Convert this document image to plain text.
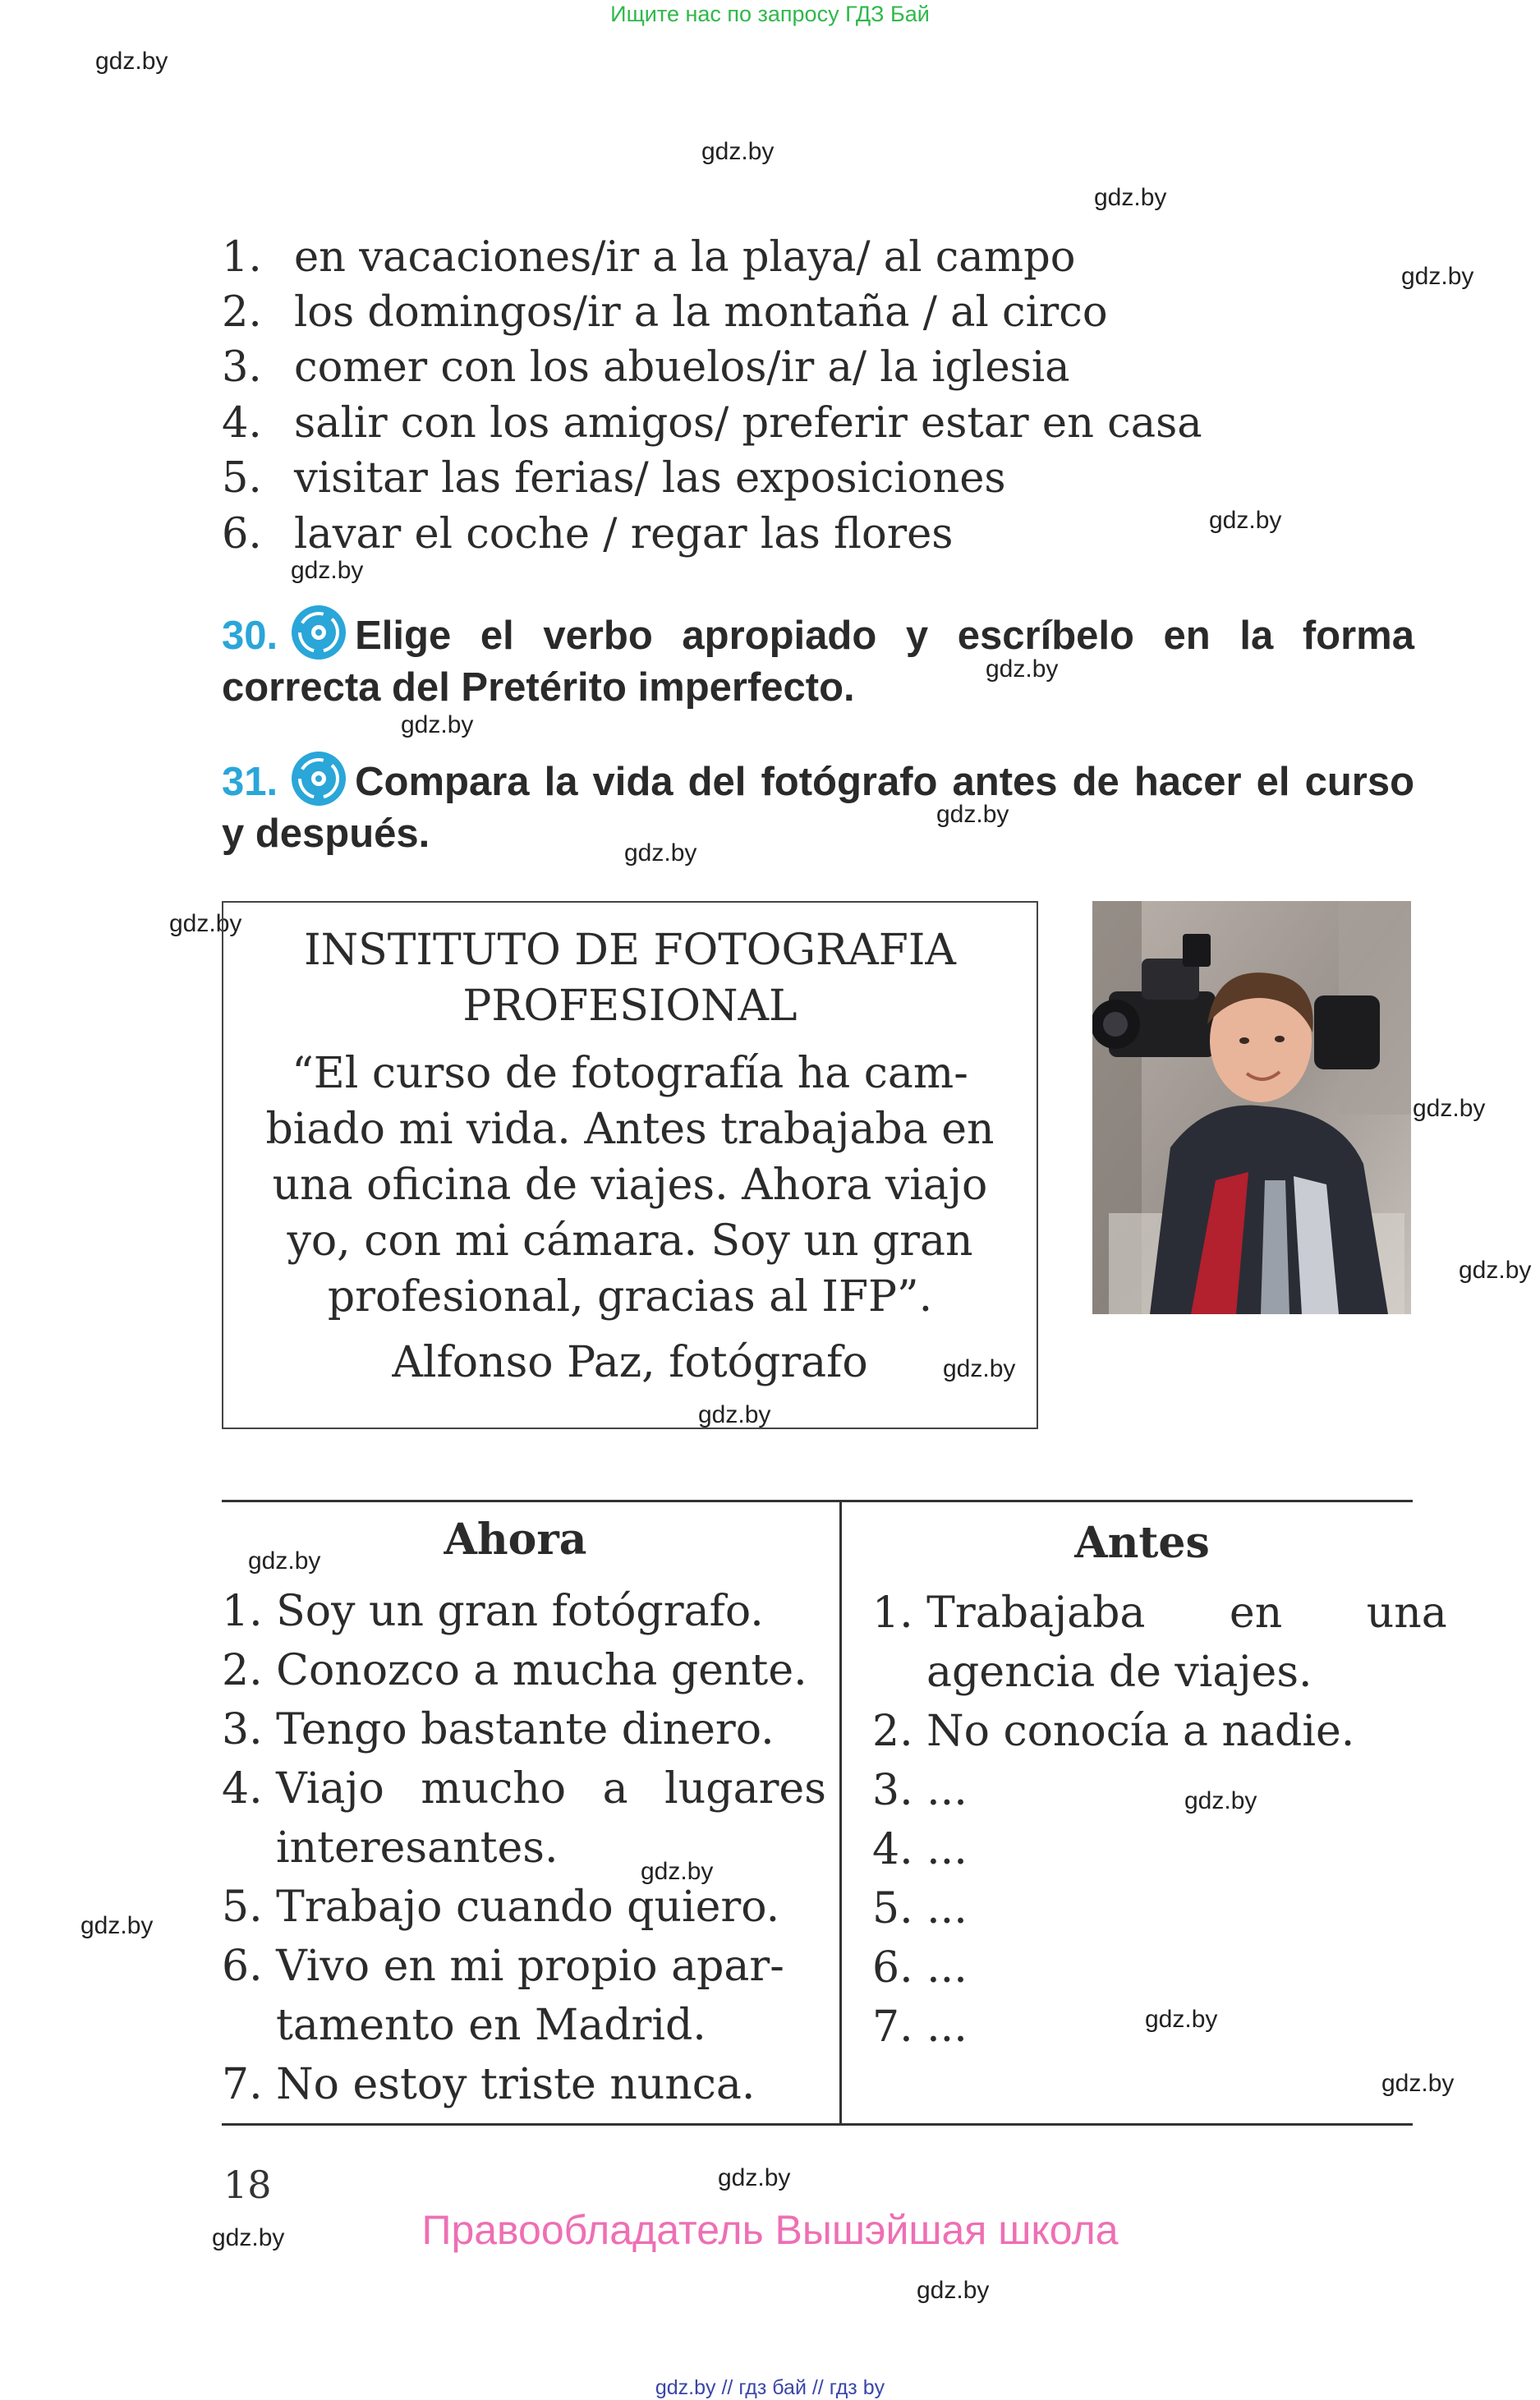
Ищите нас по запросу ГДЗ Бай
gdz.by
gdz.by
gdz.by
gdz.by
gdz.by
gdz.by
gdz.by
gdz.by
gdz.by
gdz.by
gdz.by
gdz.by
gdz.by
gdz.by
gdz.by
gdz.by
gdz.by
gdz.by
gdz.by
gdz.by
gdz.by
gdz.by
gdz.by
gdz.by
1. en vacaciones/ir a la playa/ al campo
2. los domingos/ir a la montaña / al circo
3. comer con los abuelos/ir a/ la iglesia
4. salir con los amigos/ preferir estar en casa
5. visitar las ferias/ las exposiciones
6. lavar el coche / regar las flores
30. Elige el verbo apropiado y escríbelo en la forma correcta del Pretérito imperfecto.
31. Compara la vida del fotógrafo antes de hacer el curso y después.
INSTITUTO DE FOTOGRAFIA
PROFESIONAL
“El curso de fotografía ha cam-
biado mi vida. Antes trabajaba en
una oficina de viajes. Ahora viajo
yo, con mi cámara. Soy un gran
profesional, gracias al IFP”.
Alfonso Paz, fotógrafo
Ahora	Antes
1. Soy un gran fotógrafo.
2. Conozco a mucha gente.
3. Tengo bastante dinero.
4. Viajo mucho a lugares
interesantes.
5. Trabajo cuando quiero.
6. Vivo en mi propio apar-
tamento en Madrid.
7. No estoy triste nunca.
1. Trabajaba en una
agencia de viajes.
2. No conocía a nadie.
3. ...
4. ...
5. ...
6. ...
7. ...
18
Правообладатель Вышэйшая школа
gdz.by // гдз бай // гдз by
